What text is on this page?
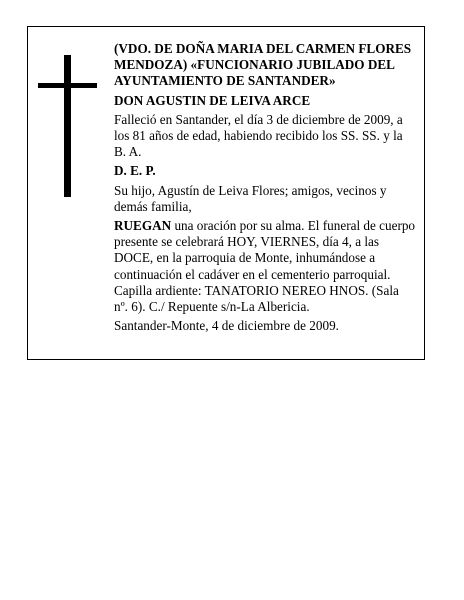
(VDO. DE DOÑA MARIA DEL CARMEN FLORES MENDOZA) «FUNCIONARIO JUBILADO DEL AYUNTAMIENTO DE SANTANDER»

DON AGUSTIN DE LEIVA ARCE

Falleció en Santander, el día 3 de diciembre de 2009, a los 81 años de edad, habiendo recibido los SS. SS. y la B. A.

D. E. P.

Su hijo, Agustín de Leiva Flores; amigos, vecinos y demás familia,

RUEGAN una oración por su alma. El funeral de cuerpo presente se celebrará HOY, VIERNES, día 4, a las DOCE, en la parroquia de Monte, inhumándose a continuación el cadáver en el cementerio parroquial. Capilla ardiente: TANATORIO NEREO HNOS. (Sala nº. 6). C./ Repuente s/n-La Albericia.

Santander-Monte, 4 de diciembre de 2009.
